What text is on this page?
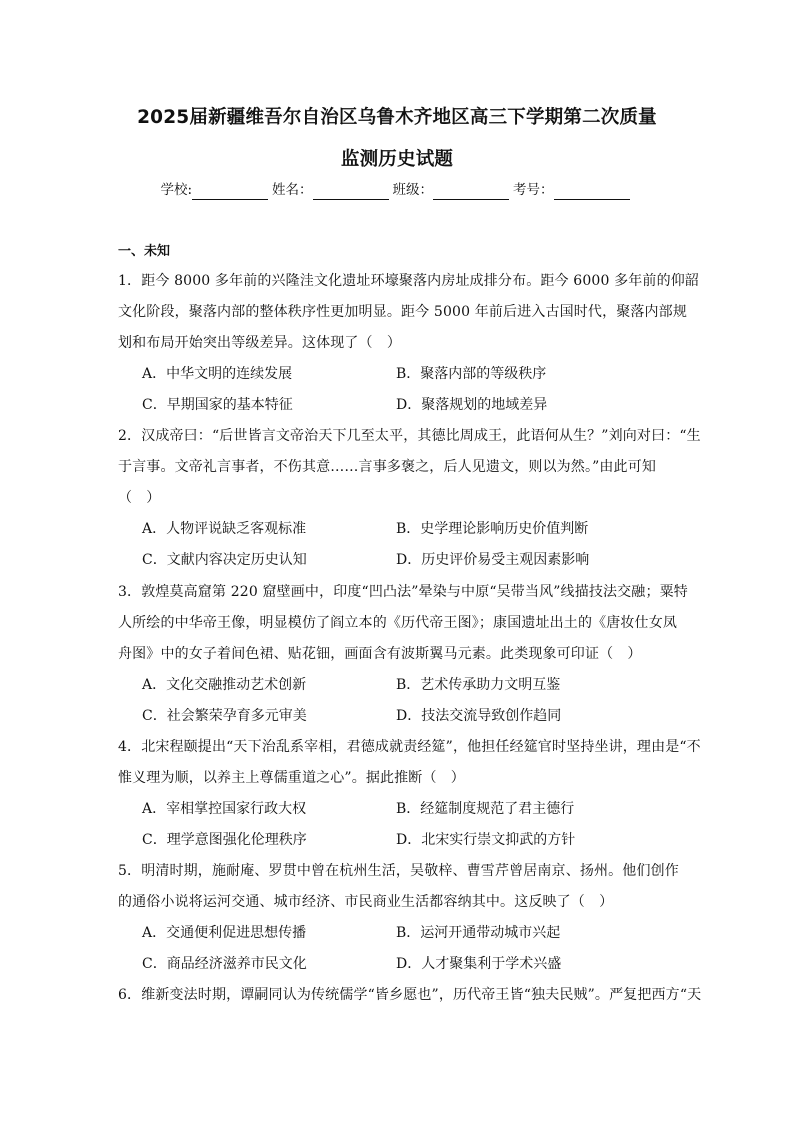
2025届新疆维吾尔自治区乌鲁木齐地区高三下学期第二次质量
监测历史试题
学校:	姓名：	班级：	考号：
一、未知
1．距今 8000 多年前的兴隆洼文化遗址环壕聚落内房址成排分布。距今 6000 多年前的仰韶
文化阶段，聚落内部的整体秩序性更加明显。距今 5000 年前后进入古国时代，聚落内部规
划和布局开始突出等级差异。这体现了（　）
A．中华文明的连续发展	B．聚落内部的等级秩序
C．早期国家的基本特征	D．聚落规划的地域差异
2．汉成帝曰：“后世皆言文帝治天下几至太平，其德比周成王，此语何从生？”刘向对曰：“生
于言事。文帝礼言事者，不伤其意……言事多褒之，后人见遗文，则以为然。”由此可知
（　）
A．人物评说缺乏客观标准	B．史学理论影响历史价值判断
C．文献内容决定历史认知	D．历史评价易受主观因素影响
3．敦煌莫高窟第 220 窟壁画中，印度“凹凸法”晕染与中原“吴带当风”线描技法交融；粟特
人所绘的中华帝王像，明显模仿了阎立本的《历代帝王图》；康国遗址出土的《唐妆仕女凤
舟图》中的女子着间色裙、贴花钿，画面含有波斯翼马元素。此类现象可印证（　）
A．文化交融推动艺术创新	B．艺术传承助力文明互鉴
C．社会繁荣孕育多元审美	D．技法交流导致创作趋同
4．北宋程颐提出“天下治乱系宰相，君德成就责经筵”，他担任经筵官时坚持坐讲，理由是“不
惟义理为顺，以养主上尊儒重道之心”。据此推断（　）
A．宰相掌控国家行政大权	B．经筵制度规范了君主德行
C．理学意图强化伦理秩序	D．北宋实行崇文抑武的方针
5．明清时期，施耐庵、罗贯中曾在杭州生活，吴敬梓、曹雪芹曾居南京、扬州。他们创作
的通俗小说将运河交通、城市经济、市民商业生活都容纳其中。这反映了（　）
A．交通便利促进思想传播	B．运河开通带动城市兴起
C．商品经济滋养市民文化	D．人才聚集利于学术兴盛
6．维新变法时期，谭嗣同认为传统儒学“皆乡愿也”，历代帝王皆“独夫民贼”。严复把西方“天
